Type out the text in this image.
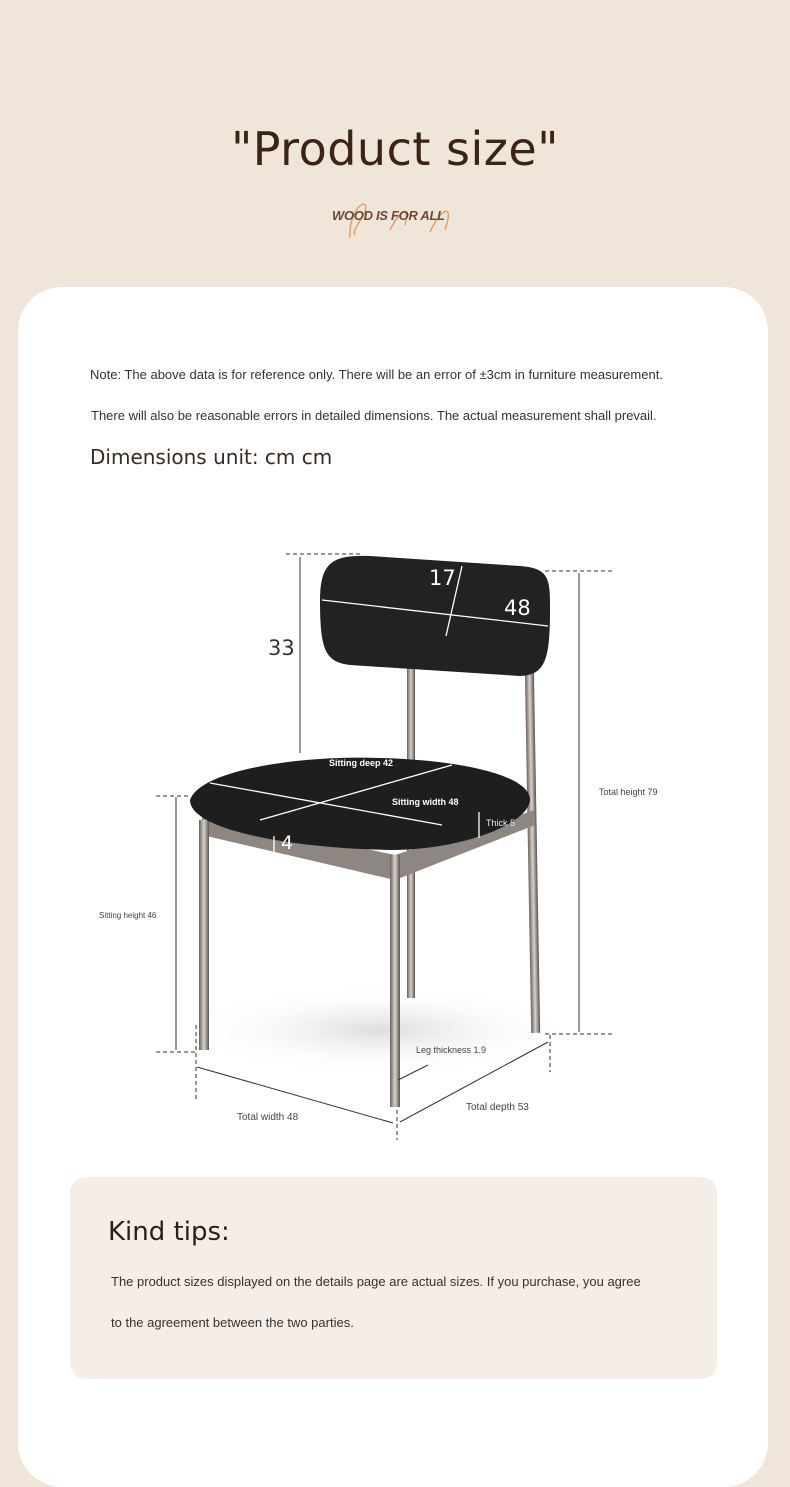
"Product size"
WOOD IS FOR ALL
Note: The above data is for reference only. There will be an error of ±3cm in furniture measurement.
There will also be reasonable errors in detailed dimensions. The actual measurement shall prevail.
Dimensions unit: cm cm
33
17
48
Sitting deep 42
Sitting width 48
Thick 5
4
Total height 79
Sitting height 46
Leg thickness 1.9
Total width 48
Total depth 53
Kind tips:
The product sizes displayed on the details page are actual sizes. If you purchase, you agree
to the agreement between the two parties.
